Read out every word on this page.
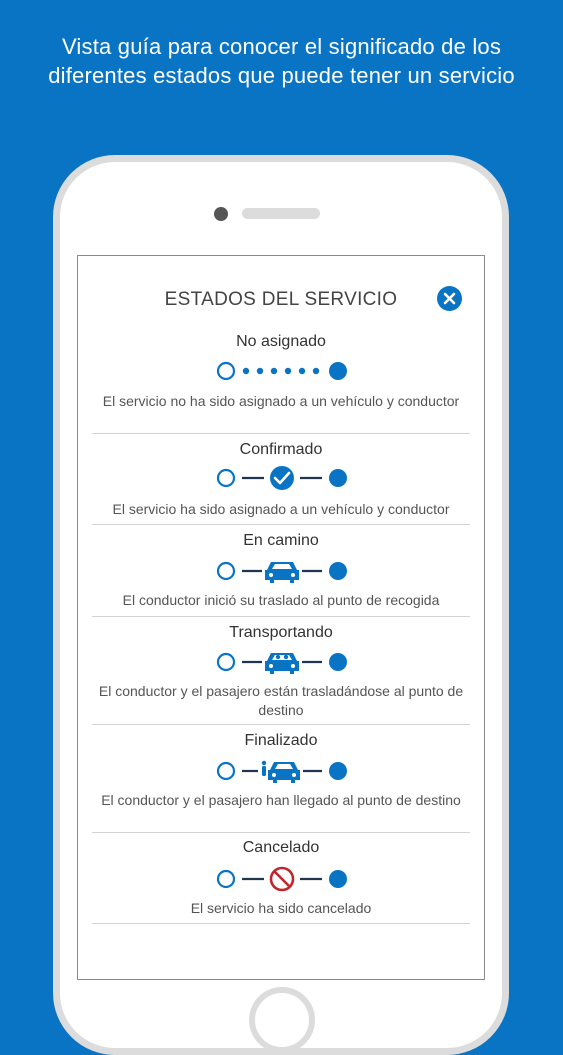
Vista guía para conocer el significado de los diferentes estados que puede tener un servicio
ESTADOS DEL SERVICIO
No asignado
El servicio no ha sido asignado a un vehículo y conductor
Confirmado
El servicio ha sido asignado a un vehículo y conductor
En camino
El conductor inició su traslado al punto de recogida
Transportando
El conductor y el pasajero están trasladándose al punto de destino
Finalizado
El conductor y el pasajero han llegado al punto de destino
Cancelado
El servicio ha sido cancelado
